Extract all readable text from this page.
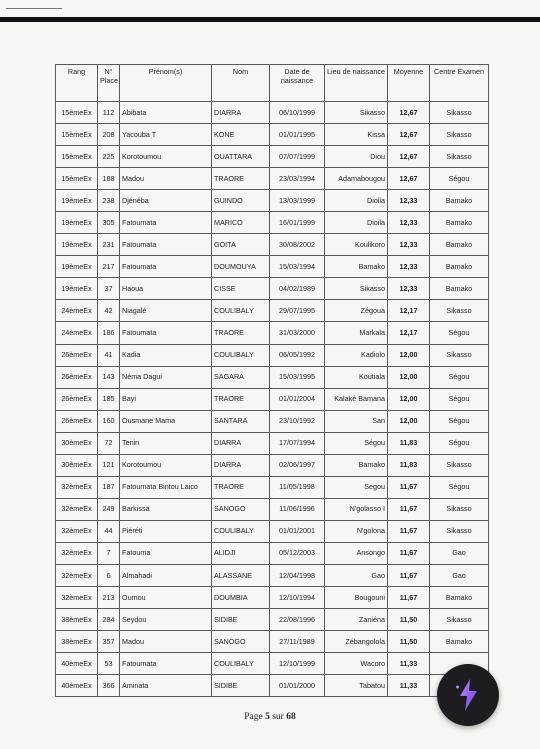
Rang	N° Place	Prénom(s)	Nom	Date de naissance	Lieu de naissance	Moyenne	Centre Examen
15èmeEx	112	Abibata	DIARRA	06/10/1999	Sikasso	12,67	Sikasso
15èmeEx	208	Yacouba T	KONE	01/01/1995	Kissa	12,67	Sikasso
15èmeEx	225	Korotoumou	OUATTARA	07/07/1999	Diou	12,67	Sikasso
15èmeEx	188	Madou	TRAORE	23/03/1994	Adamabougou	12,67	Ségou
19èmeEx	238	Djénéba	GUINDO	13/03/1999	Dioila	12,33	Bamako
19èmeEx	305	Fatoumata	MARICO	16/01/1999	Dioila	12,33	Bamako
19èmeEx	231	Fatoumata	GOITA	30/08/2002	Koulikoro	12,33	Bamako
19èmeEx	217	Fatoumata	DOUMOUYA	15/03/1994	Bamako	12,33	Bamako
19èmeEx	37	Haoua	CISSE	04/02/1989	Sikasso	12,33	Bamako
24èmeEx	42	Niagalé	COULIBALY	29/07/1995	Zégoua	12,17	Sikasso
24èmeEx	186	Fatoumata	TRAORE	31/03/2000	Markala	12,17	Ségou
26èmeEx	41	Kadia	COULIBALY	06/05/1992	Kadiolo	12,00	Sikasso
26èmeEx	143	Nèma Dagui	SAGARA	15/03/1995	Koutiala	12,00	Ségou
26èmeEx	185	Bayi	TRAORE	01/01/2004	Kalaké Bamana	12,00	Ségou
26èmeEx	160	Ousmane Mama	SANTARA	23/10/1992	San	12,00	Ségou
30èmeEx	72	Tenin	DIARRA	17/07/1994	Ségou	11,83	Ségou
30èmeEx	121	Korotoumou	DIARRA	02/06/1997	Bamako	11,83	Sikasso
32èmeEx	187	Fatoumata Bintou Laico	TRAORE	11/05/1998	Segou	11,67	Ségou
32èmeEx	249	Barkissa	SANOGO	11/06/1996	N'golasso I	11,67	Sikasso
32èmeEx	44	Piéréti	COULIBALY	01/01/2001	N'golona	11,67	Sikasso
32èmeEx	7	Fatouma	ALIDJI	05/12/2003	Ansongo	11,67	Gao
32èmeEx	6	Almahadi	ALASSANE	12/04/1998	Gao	11,67	Gao
32èmeEx	213	Oumou	DOUMBIA	12/10/1994	Bougouni	11,67	Bamako
38èmeEx	284	Seydou	SIDIBE	22/08/1996	Zaniéna	11,50	Sikasso
38èmeEx	357	Madou	SANOGO	27/11/1989	Zébangolola	11,50	Bamako
40èmeEx	53	Fatoumata	COULIBALY	12/10/1999	Wacoro	11,33	
40èmeEx	366	Aminata	SIDIBE	01/01/2000	Tabatou	11,33	
Page 5 sur 68
